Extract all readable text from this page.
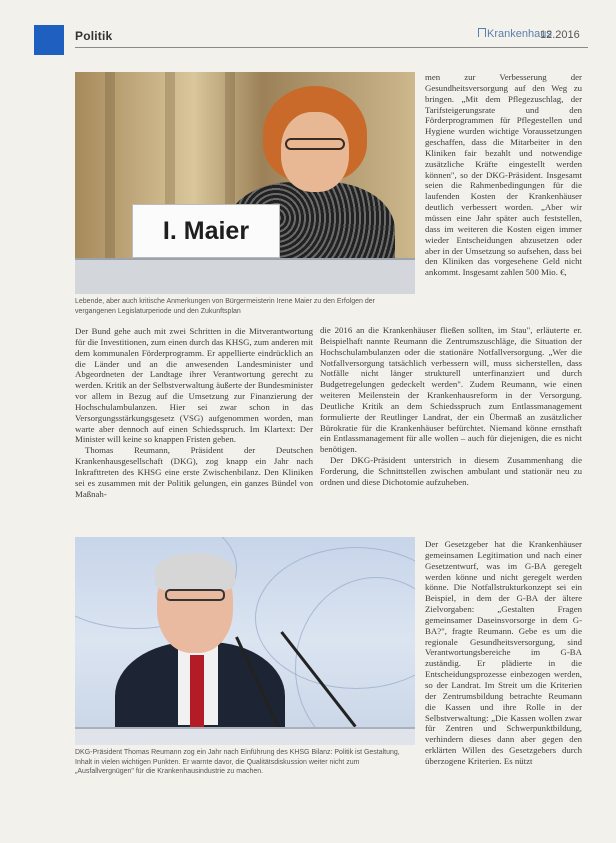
Politik	Krankenhaus
12.2016
I. Maier
Lebende, aber auch kritische Anmerkungen von Bürgermeisterin Irene Maier zu den Erfolgen der vergangenen Legislaturperiode und den Zukunftsplan

men zur Verbesserung der Gesundheitsversorgung auf den Weg zu bringen. „Mit dem Pflegezuschlag, der Tarifsteigerungsrate und den Förderprogrammen für Pflegestellen und Hygiene wurden wichtige Voraussetzungen geschaffen, dass die Mitarbeiter in den Kliniken fair bezahlt und notwendige zusätzliche Kräfte eingestellt werden können", so der DKG-Präsident. Insgesamt seien die Rahmenbedingungen für die laufenden Kosten der Krankenhäuser deutlich verbessert worden. „Aber wir müssen eine Jahr später auch feststellen, dass im weiteren die Kosten eigen immer wieder Entscheidungen abzusetzen oder aber in der Umsetzung so aufsehen, dass bei den Kliniken das vorgesehene Geld nicht ankommt. Insgesamt zahlen 500 Mio. €,

Der Bund gehe auch mit zwei Schritten in die Mitverantwortung für die Investitionen, zum einen durch das KHSG, zum anderen mit dem kommunalen Förderprogramm. Er appellierte eindrücklich an die Länder und an die anwesenden Landesminister und Abgeordneten der Landtage ihrer Verantwortung gerecht zu werden. Kritik an der Selbstverwaltung äußerte der Bundesminister vor allem in Bezug auf die Umsetzung zur Finanzierung der Hochschulambulanzen. Hier sei zwar schon in das Versorgungsstärkungsgesetz (VSG) aufgenommen worden, man warte aber dennoch auf einen Schiedsspruch. Im Klartext: Der Minister will keine so knappen Fristen geben.

Thomas Reumann, Präsident der Deutschen Krankenhausgesellschaft (DKG), zog knapp ein Jahr nach Inkrafttreten des KHSG eine erste Zwischenbilanz. Den Kliniken sei es zusammen mit der Politik gelungen, ein ganzes Bündel von Maßnah-

die 2016 an die Krankenhäuser fließen sollten, im Stau", erläuterte er. Beispielhaft nannte Reumann die Zentrumszuschläge, die Situation der Hochschulambulanzen oder die stationäre Notfallversorgung. „Wer die Notfallversorgung tatsächlich verbessern will, muss sicherstellen, dass Notfälle nicht länger strukturell unterfinanziert und durch Budgetregelungen gedeckelt werden". Zudem Reumann, wie einen weiteren Meilenstein der Krankenhausreform in der Versorgung. Deutliche Kritik an dem Schiedsspruch zum Entlassmanagement formulierte der Reutlinger Landrat, der ein Übermaß an zusätzlicher Bürokratie für die Krankenhäuser befürchtet. Niemand könne ernsthaft ein Entlassmanagement für alle wollen – auch für diejenigen, die es nicht benötigen.

Der DKG-Präsident unterstrich in diesem Zusammenhang die Forderung, die Schnittstellen zwischen ambulant und stationär neu zu ordnen und diese Dichotomie aufzuheben.

DKG-Präsident Thomas Reumann zog ein Jahr nach Einführung des KHSG Bilanz: Politik ist Gestaltung, Inhalt in vielen wichtigen Punkten. Er warnte davor, die Qualitätsdiskussion weiter nicht zum „Ausfallvergnügen" für die Krankenhausindustrie zu machen.

Der Gesetzgeber hat die Krankenhäuser gemeinsamen Legitimation und nach einer Gesetzentwurf, was im G-BA geregelt werden könne und nicht geregelt werden könne. Die Notfallstrukturkonzept sei ein Beispiel, in dem der G-BA der ältere Zielvorgaben: „Gestalten Fragen gemeinsamer Daseinsvorsorge in dem G-BA?", fragte Reumann. Gebe es um die regionale Gesundheitsversorgung, sind Verantwortungsbereiche im G-BA zuständig. Er plädierte in die Entscheidungsprozesse einbezogen werden, so der Landrat. Im Streit um die Kriterien der Zentrumsbildung betrachte Reumann die Kassen und ihre Rolle in der Selbstverwaltung: „Die Kassen wollen zwar für Zentren und Schwerpunktbildung, verhindern dieses dann aber gegen den erklärten Willen des Gesetzgebers durch überzogene Kriterien. Es nützt
